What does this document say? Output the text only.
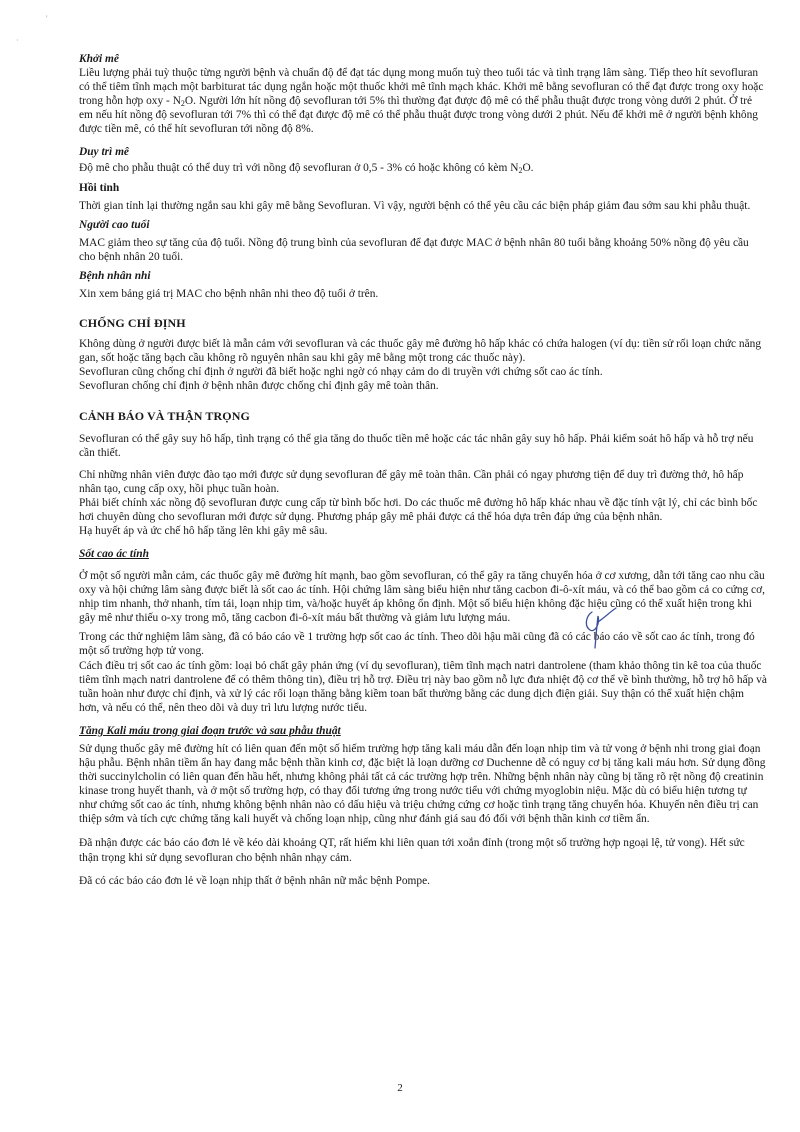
'
·
Khởi mê

Liều lượng phải tuỳ thuộc từng người bệnh và chuẩn độ để đạt tác dụng mong muốn tuỳ theo tuổi tác và tình trạng lâm sàng. Tiếp theo hít sevofluran có thể tiêm tĩnh mạch một barbiturat tác dụng ngắn hoặc một thuốc khởi mê tĩnh mạch khác. Khởi mê bằng sevofluran có thể đạt được trong oxy hoặc trong hỗn hợp oxy - $N_2O$. Người lớn hít nồng độ sevofluran tới 5% thì thường đạt được độ mê có thể phẫu thuật được trong vòng dưới 2 phút. Ở trẻ em nếu hít nồng độ sevofluran tới 7% thì có thể đạt được độ mê có thể phẫu thuật được trong vòng dưới 2 phút. Nếu để khởi mê ở người bệnh không được tiền mê, có thể hít sevofluran tới nồng độ 8%.

Duy trì mê

Độ mê cho phẫu thuật có thể duy trì với nồng độ sevofluran ở 0,5 - 3% có hoặc không có kèm $N_2O$.

Hồi tỉnh

Thời gian tỉnh lại thường ngắn sau khi gây mê bằng Sevofluran. Vì vậy, người bệnh có thể yêu cầu các biện pháp giảm đau sớm sau khi phẫu thuật.

Người cao tuổi

MAC giảm theo sự tăng của độ tuổi. Nồng độ trung bình của sevofluran để đạt được MAC ở bệnh nhân 80 tuổi bằng khoảng 50% nồng độ yêu cầu cho bệnh nhân 20 tuổi.

Bệnh nhân nhi

Xin xem bảng giá trị MAC cho bệnh nhân nhi theo độ tuổi ở trên.

CHỐNG CHỈ ĐỊNH

Không dùng ở người được biết là mẫn cảm với sevofluran và các thuốc gây mê đường hô hấp khác có chứa halogen (ví dụ: tiền sử rối loạn chức năng gan, sốt hoặc tăng bạch cầu không rõ nguyên nhân sau khi gây mê bằng một trong các thuốc này).

Sevofluran cũng chống chỉ định ở người đã biết hoặc nghi ngờ có nhạy cảm do di truyền với chứng sốt cao ác tính.

Sevofluran chống chỉ định ở bệnh nhân được chống chỉ định gây mê toàn thân.

CẢNH BÁO VÀ THẬN TRỌNG

Sevofluran có thể gây suy hô hấp, tình trạng có thể gia tăng do thuốc tiền mê hoặc các tác nhân gây suy hô hấp. Phải kiểm soát hô hấp và hỗ trợ nếu cần thiết.

Chỉ những nhân viên được đào tạo mới được sử dụng sevofluran để gây mê toàn thân. Cần phải có ngay phương tiện để duy trì đường thở, hô hấp nhân tạo, cung cấp oxy, hồi phục tuần hoàn.

Phải biết chính xác nồng độ sevofluran được cung cấp từ bình bốc hơi. Do các thuốc mê đường hô hấp khác nhau về đặc tính vật lý, chỉ các bình bốc hơi chuyên dùng cho sevofluran mới được sử dụng. Phương pháp gây mê phải được cá thể hóa dựa trên đáp ứng của bệnh nhân.

Hạ huyết áp và ức chế hô hấp tăng lên khi gây mê sâu.

Sốt cao ác tính

Ở một số người mẫn cảm, các thuốc gây mê đường hít mạnh, bao gồm sevofluran, có thể gây ra tăng chuyển hóa ở cơ xương, dẫn tới tăng cao nhu cầu oxy và hội chứng lâm sàng được biết là sốt cao ác tính. Hội chứng lâm sàng biểu hiện như tăng cacbon đi-ô-xít máu, và có thể bao gồm cả co cứng cơ, nhịp tim nhanh, thở nhanh, tím tái, loạn nhịp tim, và/hoặc huyết áp không ổn định. Một số biểu hiện không đặc hiệu cũng có thể xuất hiện trong khi gây mê như thiếu o-xy trong mô, tăng cacbon đi-ô-xít máu bất thường và giảm lưu lượng máu.

Trong các thử nghiệm lâm sàng, đã có báo cáo về 1 trường hợp sốt cao ác tính. Theo dõi hậu mãi cũng đã có các báo cáo về sốt cao ác tính, trong đó một số trường hợp tử vong.

Cách điều trị sốt cao ác tính gồm: loại bỏ chất gây phản ứng (ví dụ sevofluran), tiêm tĩnh mạch natri dantrolene (tham khảo thông tin kê toa của thuốc tiêm tĩnh mạch natri dantrolene để có thêm thông tin), điều trị hỗ trợ. Điều trị này bao gồm nỗ lực đưa nhiệt độ cơ thể về bình thường, hỗ trợ hô hấp và tuần hoàn như được chỉ định, và xử lý các rối loạn thăng bằng kiềm toan bất thường bằng các dung dịch điện giải. Suy thận có thể xuất hiện chậm hơn, và nếu có thể, nên theo dõi và duy trì lưu lượng nước tiểu.

Tăng Kali máu trong giai đoạn trước và sau phẫu thuật

Sử dụng thuốc gây mê đường hít có liên quan đến một số hiếm trường hợp tăng kali máu dẫn đến loạn nhịp tim và tử vong ở bệnh nhi trong giai đoạn hậu phẫu. Bệnh nhân tiềm ẩn hay đang mắc bệnh thần kinh cơ, đặc biệt là loạn dưỡng cơ Duchenne dễ có nguy cơ bị tăng kali máu hơn. Sử dụng đồng thời succinylcholin có liên quan đến hầu hết, nhưng không phải tất cả các trường hợp trên. Những bệnh nhân này cũng bị tăng rõ rệt nồng độ creatinin kinase trong huyết thanh, và ở một số trường hợp, có thay đổi tương ứng trong nước tiểu với chứng myoglobin niệu. Mặc dù có biểu hiện tương tự như chứng sốt cao ác tính, nhưng không bệnh nhân nào có dấu hiệu và triệu chứng cứng cơ hoặc tình trạng tăng chuyển hóa. Khuyến nên điều trị can thiệp sớm và tích cực chứng tăng kali huyết và chống loạn nhịp, cũng như đánh giá sau đó đối với bệnh thần kinh cơ tiềm ẩn.

Đã nhận được các báo cáo đơn lẻ về kéo dài khoảng QT, rất hiếm khi liên quan tới xoắn đỉnh (trong một số trường hợp ngoại lệ, tử vong). Hết sức thận trọng khi sử dụng sevofluran cho bệnh nhân nhạy cảm.

Đã có các báo cáo đơn lẻ về loạn nhịp thất ở bệnh nhân nữ mắc bệnh Pompe.

2
